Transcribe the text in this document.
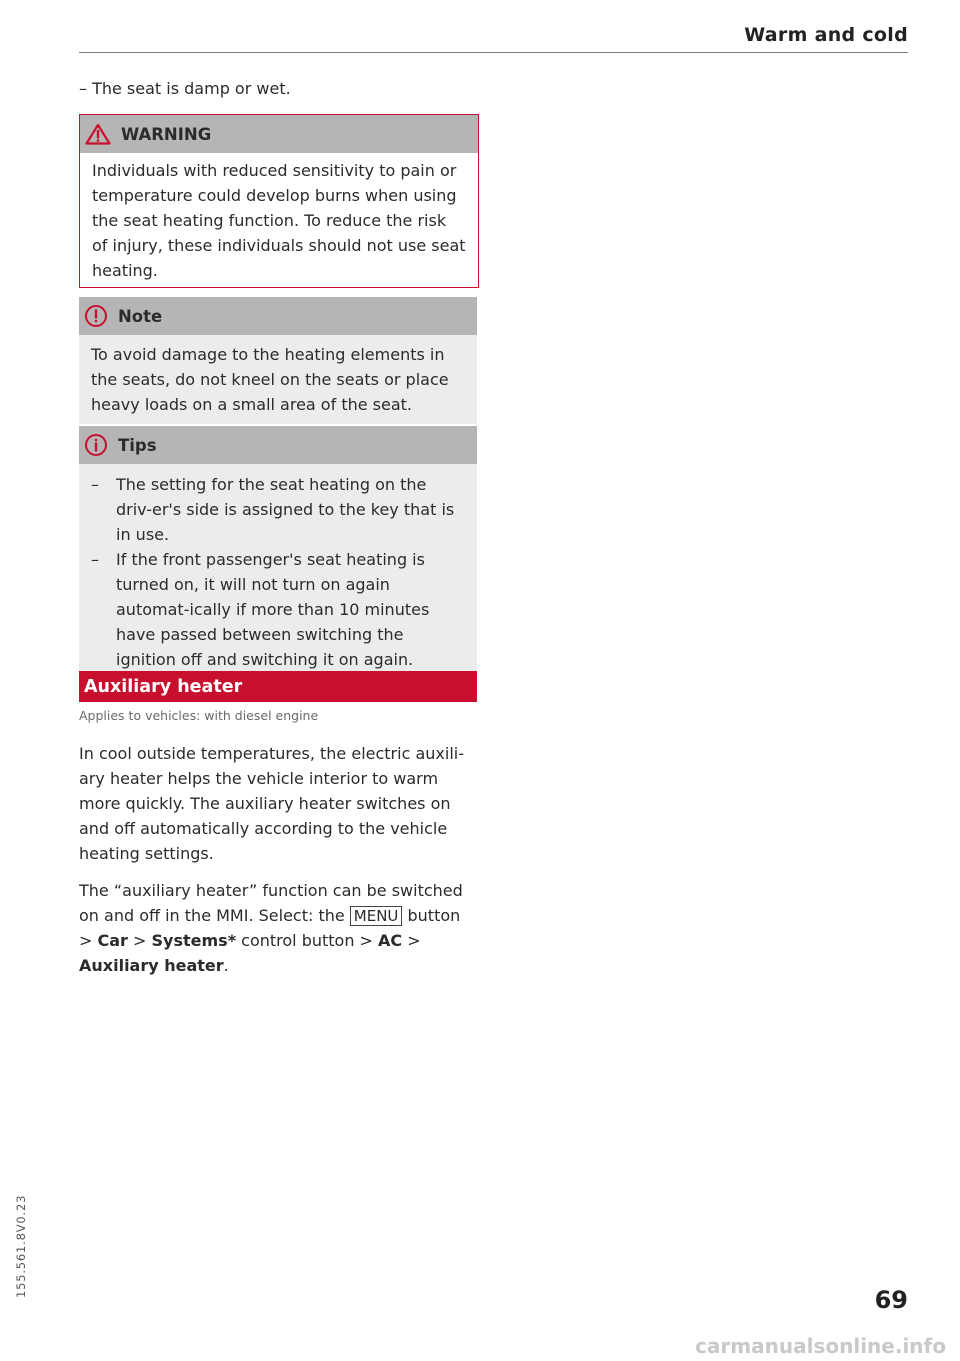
Warm and cold

– The seat is damp or wet.

WARNING
Individuals with reduced sensitivity to pain or temperature could develop burns when using the seat heating function. To reduce the risk of injury, these individuals should not use seat heating.
Note
To avoid damage to the heating elements in the seats, do not kneel on the seats or place heavy loads on a small area of the seat.
Tips
– The setting for the seat heating on the driv-er's side is assigned to the key that is in use.
– If the front passenger's seat heating is turned on, it will not turn on again automat-ically if more than 10 minutes have passed between switching the ignition off and switching it on again.
Auxiliary heater
Applies to vehicles: with diesel engine

In cool outside temperatures, the electric auxili-ary heater helps the vehicle interior to warm more quickly. The auxiliary heater switches on and off automatically according to the vehicle heating settings.

The “auxiliary heater” function can be switched on and off in the MMI. Select: the MENU button > Car > Systems* control button > AC > Auxiliary heater.

155.561.8V0.23
69
carmanualsonline.info
